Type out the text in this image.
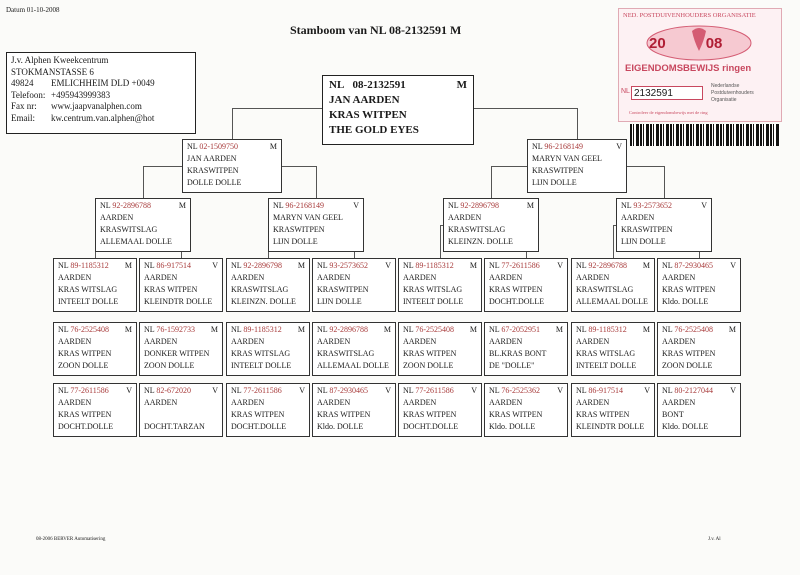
Datum 01-10-2008
Stamboom van NL 08-2132591 M
J.v. Alphen Kweekcentrum
STOKMANSTASSE 6
49824	EMLICHHEIM DLD +0049
Telefoon: +495943999383
Fax nr:	www.jaapvanalphen.com
Email:	kw.centrum.van.alphen@hot
NED. POSTDUIVENHOUDERS ORGANISATIE
20	08
EIGENDOMSBEWIJS ringen
NL 2132591
Nederlandse
Postduivenhouders
Organisatie
Controleer de eigendomsbewijs met de ring
NL 08-2132591	M
JAN AARDEN
KRAS WITPEN
THE GOLD EYES
NL 02-1509750	M
JAN AARDEN
KRASWITPEN
DOLLE DOLLE
NL 96-2168149	V
MARYN VAN GEEL
KRASWITPEN
LIJN DOLLE
NL 92-2896788	M
AARDEN
KRASWITSLAG
ALLEMAAL DOLLE
NL 96-2168149	V
MARYN VAN GEEL
KRASWITPEN
LIJN DOLLE
NL 92-2896798	M
AARDEN
KRASWITSLAG
KLEINZN. DOLLE
NL 93-2573652	V
AARDEN
KRASWITPEN
LIJN DOLLE
NL 89-1185312 M
AARDEN
KRAS WITSLAG
INTEELT DOLLE
NL 86-917514	V
AARDEN
KRAS WITPEN
KLEINDTR DOLLE
NL 92-2896798 M
AARDEN
KRASWITSLAG
KLEINZN. DOLLE
NL 93-2573652 V
AARDEN
KRASWITPEN
LIJN DOLLE
NL 89-1185312 M
AARDEN
KRAS WITSLAG
INTEELT DOLLE
NL 77-2611586 V
AARDEN
KRAS WITPEN
DOCHT.DOLLE
NL 92-2896788 M
AARDEN
KRASWITSLAG
ALLEMAAL DOLLE
NL 87-2930465 V
AARDEN
KRAS WITPEN
Kldo. DOLLE
NL 76-2525408 M
AARDEN
KRAS WITPEN
ZOON DOLLE
NL 76-1592733 M
AARDEN
DONKER WITPEN
ZOON DOLLE
NL 89-1185312 M
AARDEN
KRAS WITSLAG
INTEELT DOLLE
NL 92-2896788 M
AARDEN
KRASWITSLAG
ALLEMAAL DOLLE
NL 76-2525408 M
AARDEN
KRAS WITPEN
ZOON DOLLE
NL 67-2052951 M
AARDEN
BL.KRAS BONT
DE "DOLLE"
NL 89-1185312 M
AARDEN
KRAS WITSLAG
INTEELT DOLLE
NL 76-2525408 M
AARDEN
KRAS WITPEN
ZOON DOLLE
NL 77-2611586 V
AARDEN
KRAS WITPEN
DOCHT.DOLLE
NL 82-672020	V
AARDEN

DOCHT.TARZAN
NL 77-2611586 V
AARDEN
KRAS WITPEN
DOCHT.DOLLE
NL 87-2930465 V
AARDEN
KRAS WITPEN
Kldo. DOLLE
NL 77-2611586 V
AARDEN
KRAS WITPEN
DOCHT.DOLLE
NL 76-2525362 V
AARDEN
KRAS WITPEN
Kldo. DOLLE
NL 86-917514	V
AARDEN
KRAS WITPEN
KLEINDTR DOLLE
NL 80-2127044 V
AARDEN
BONT
Kldo. DOLLE
08-2006 BERVER Automatisering	J.v. Al
